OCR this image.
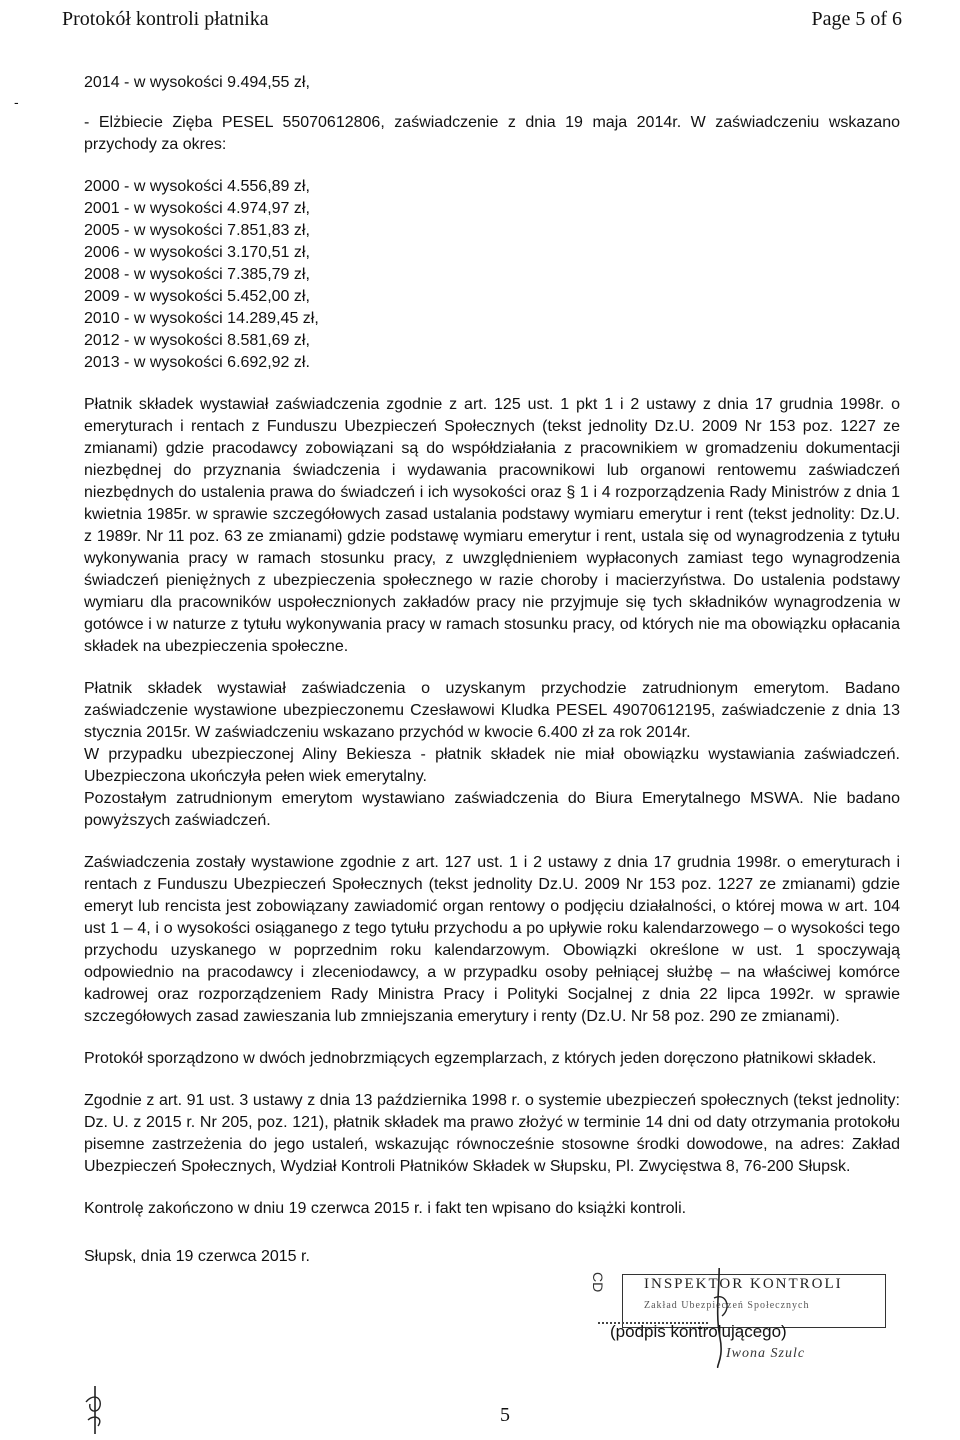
Protokół kontroli płatnika	Page 5 of 6
-

2014 - w wysokości 9.494,55 zł,

- Elżbiecie Zięba PESEL 55070612806, zaświadczenie z dnia 19 maja 2014r. W zaświadczeniu wskazano przychody za okres:

2000 - w wysokości 4.556,89 zł,
2001 - w wysokości 4.974,97 zł,
2005 - w wysokości 7.851,83 zł,
2006 - w wysokości 3.170,51 zł,
2008 - w wysokości 7.385,79 zł,
2009 - w wysokości 5.452,00 zł,
2010 - w wysokości 14.289,45 zł,
2012 - w wysokości 8.581,69 zł,
2013 - w wysokości 6.692,92 zł.

Płatnik składek wystawiał zaświadczenia zgodnie z art. 125 ust. 1 pkt 1 i 2 ustawy z dnia 17 grudnia 1998r. o emeryturach i rentach z Funduszu Ubezpieczeń Społecznych (tekst jednolity Dz.U. 2009 Nr 153 poz. 1227 ze zmianami) gdzie pracodawcy zobowiązani są do współdziałania z pracownikiem w gromadzeniu dokumentacji niezbędnej do przyznania świadczenia i wydawania pracownikowi lub organowi rentowemu zaświadczeń niezbędnych do ustalenia prawa do świadczeń i ich wysokości oraz § 1 i 4 rozporządzenia Rady Ministrów z dnia 1 kwietnia 1985r. w sprawie szczegółowych zasad ustalania podstawy wymiaru emerytur i rent (tekst jednolity: Dz.U. z 1989r. Nr 11 poz. 63 ze zmianami) gdzie podstawę wymiaru emerytur i rent, ustala się od wynagrodzenia z tytułu wykonywania pracy w ramach stosunku pracy, z uwzględnieniem wypłaconych zamiast tego wynagrodzenia świadczeń pieniężnych z ubezpieczenia społecznego w razie choroby i macierzyństwa. Do ustalenia podstawy wymiaru dla pracowników uspołecznionych zakładów pracy nie przyjmuje się tych składników wynagrodzenia w gotówce i w naturze z tytułu wykonywania pracy w ramach stosunku pracy, od których nie ma obowiązku opłacania składek na ubezpieczenia społeczne.

Płatnik składek wystawiał zaświadczenia o uzyskanym przychodzie zatrudnionym emerytom. Badano zaświadczenie wystawione ubezpieczonemu Czesławowi Kludka PESEL 49070612195, zaświadczenie z dnia 13 stycznia 2015r. W zaświadczeniu wskazano przychód w kwocie 6.400 zł za rok 2014r.
W przypadku ubezpieczonej Aliny Bekiesza - płatnik składek nie miał obowiązku wystawiania zaświadczeń. Ubezpieczona ukończyła pełen wiek emerytalny.
Pozostałym zatrudnionym emerytom wystawiano zaświadczenia do Biura Emerytalnego MSWA. Nie badano powyższych zaświadczeń.

Zaświadczenia zostały wystawione zgodnie z art. 127 ust. 1 i 2 ustawy z dnia 17 grudnia 1998r. o emeryturach i rentach z Funduszu Ubezpieczeń Społecznych (tekst jednolity Dz.U. 2009 Nr 153 poz. 1227 ze zmianami) gdzie emeryt lub rencista jest zobowiązany zawiadomić organ rentowy o podjęciu działalności, o której mowa w art. 104 ust 1 – 4, i o wysokości osiąganego z tego tytułu przychodu a po upływie roku kalendarzowego – o wysokości tego przychodu uzyskanego w poprzednim roku kalendarzowym. Obowiązki określone w ust. 1 spoczywają odpowiednio na pracodawcy i zleceniodawcy, a w przypadku osoby pełniącej służbę – na właściwej komórce kadrowej oraz rozporządzeniem Rady Ministra Pracy i Polityki Socjalnej z dnia 22 lipca 1992r. w sprawie szczegółowych zasad zawieszania lub zmniejszania emerytury i renty (Dz.U. Nr 58 poz. 290 ze zmianami).

Protokół sporządzono w dwóch jednobrzmiących egzemplarzach, z których jeden doręczono płatnikowi składek.

Zgodnie z art. 91 ust. 3 ustawy z dnia 13 października 1998 r. o systemie ubezpieczeń społecznych (tekst jednolity: Dz. U. z 2015 r. Nr 205, poz. 121), płatnik składek ma prawo złożyć w terminie 14 dni od daty otrzymania protokołu pisemne zastrzeżenia do jego ustaleń, wskazując równocześnie stosowne środki dowodowe, na adres: Zakład Ubezpieczeń Społecznych, Wydział Kontroli Płatników Składek w Słupsku, Pl. Zwycięstwa 8, 76-200 Słupsk.

Kontrolę zakończono w dniu 19 czerwca 2015 r. i fakt ten wpisano do książki kontroli.

Słupsk, dnia 19 czerwca 2015 r.

CD	INSPEKTOR KONTROLI
Zakład Ubezpieczeń Społecznych
(podpis kontrolującego)
Iwona Szulc
5
